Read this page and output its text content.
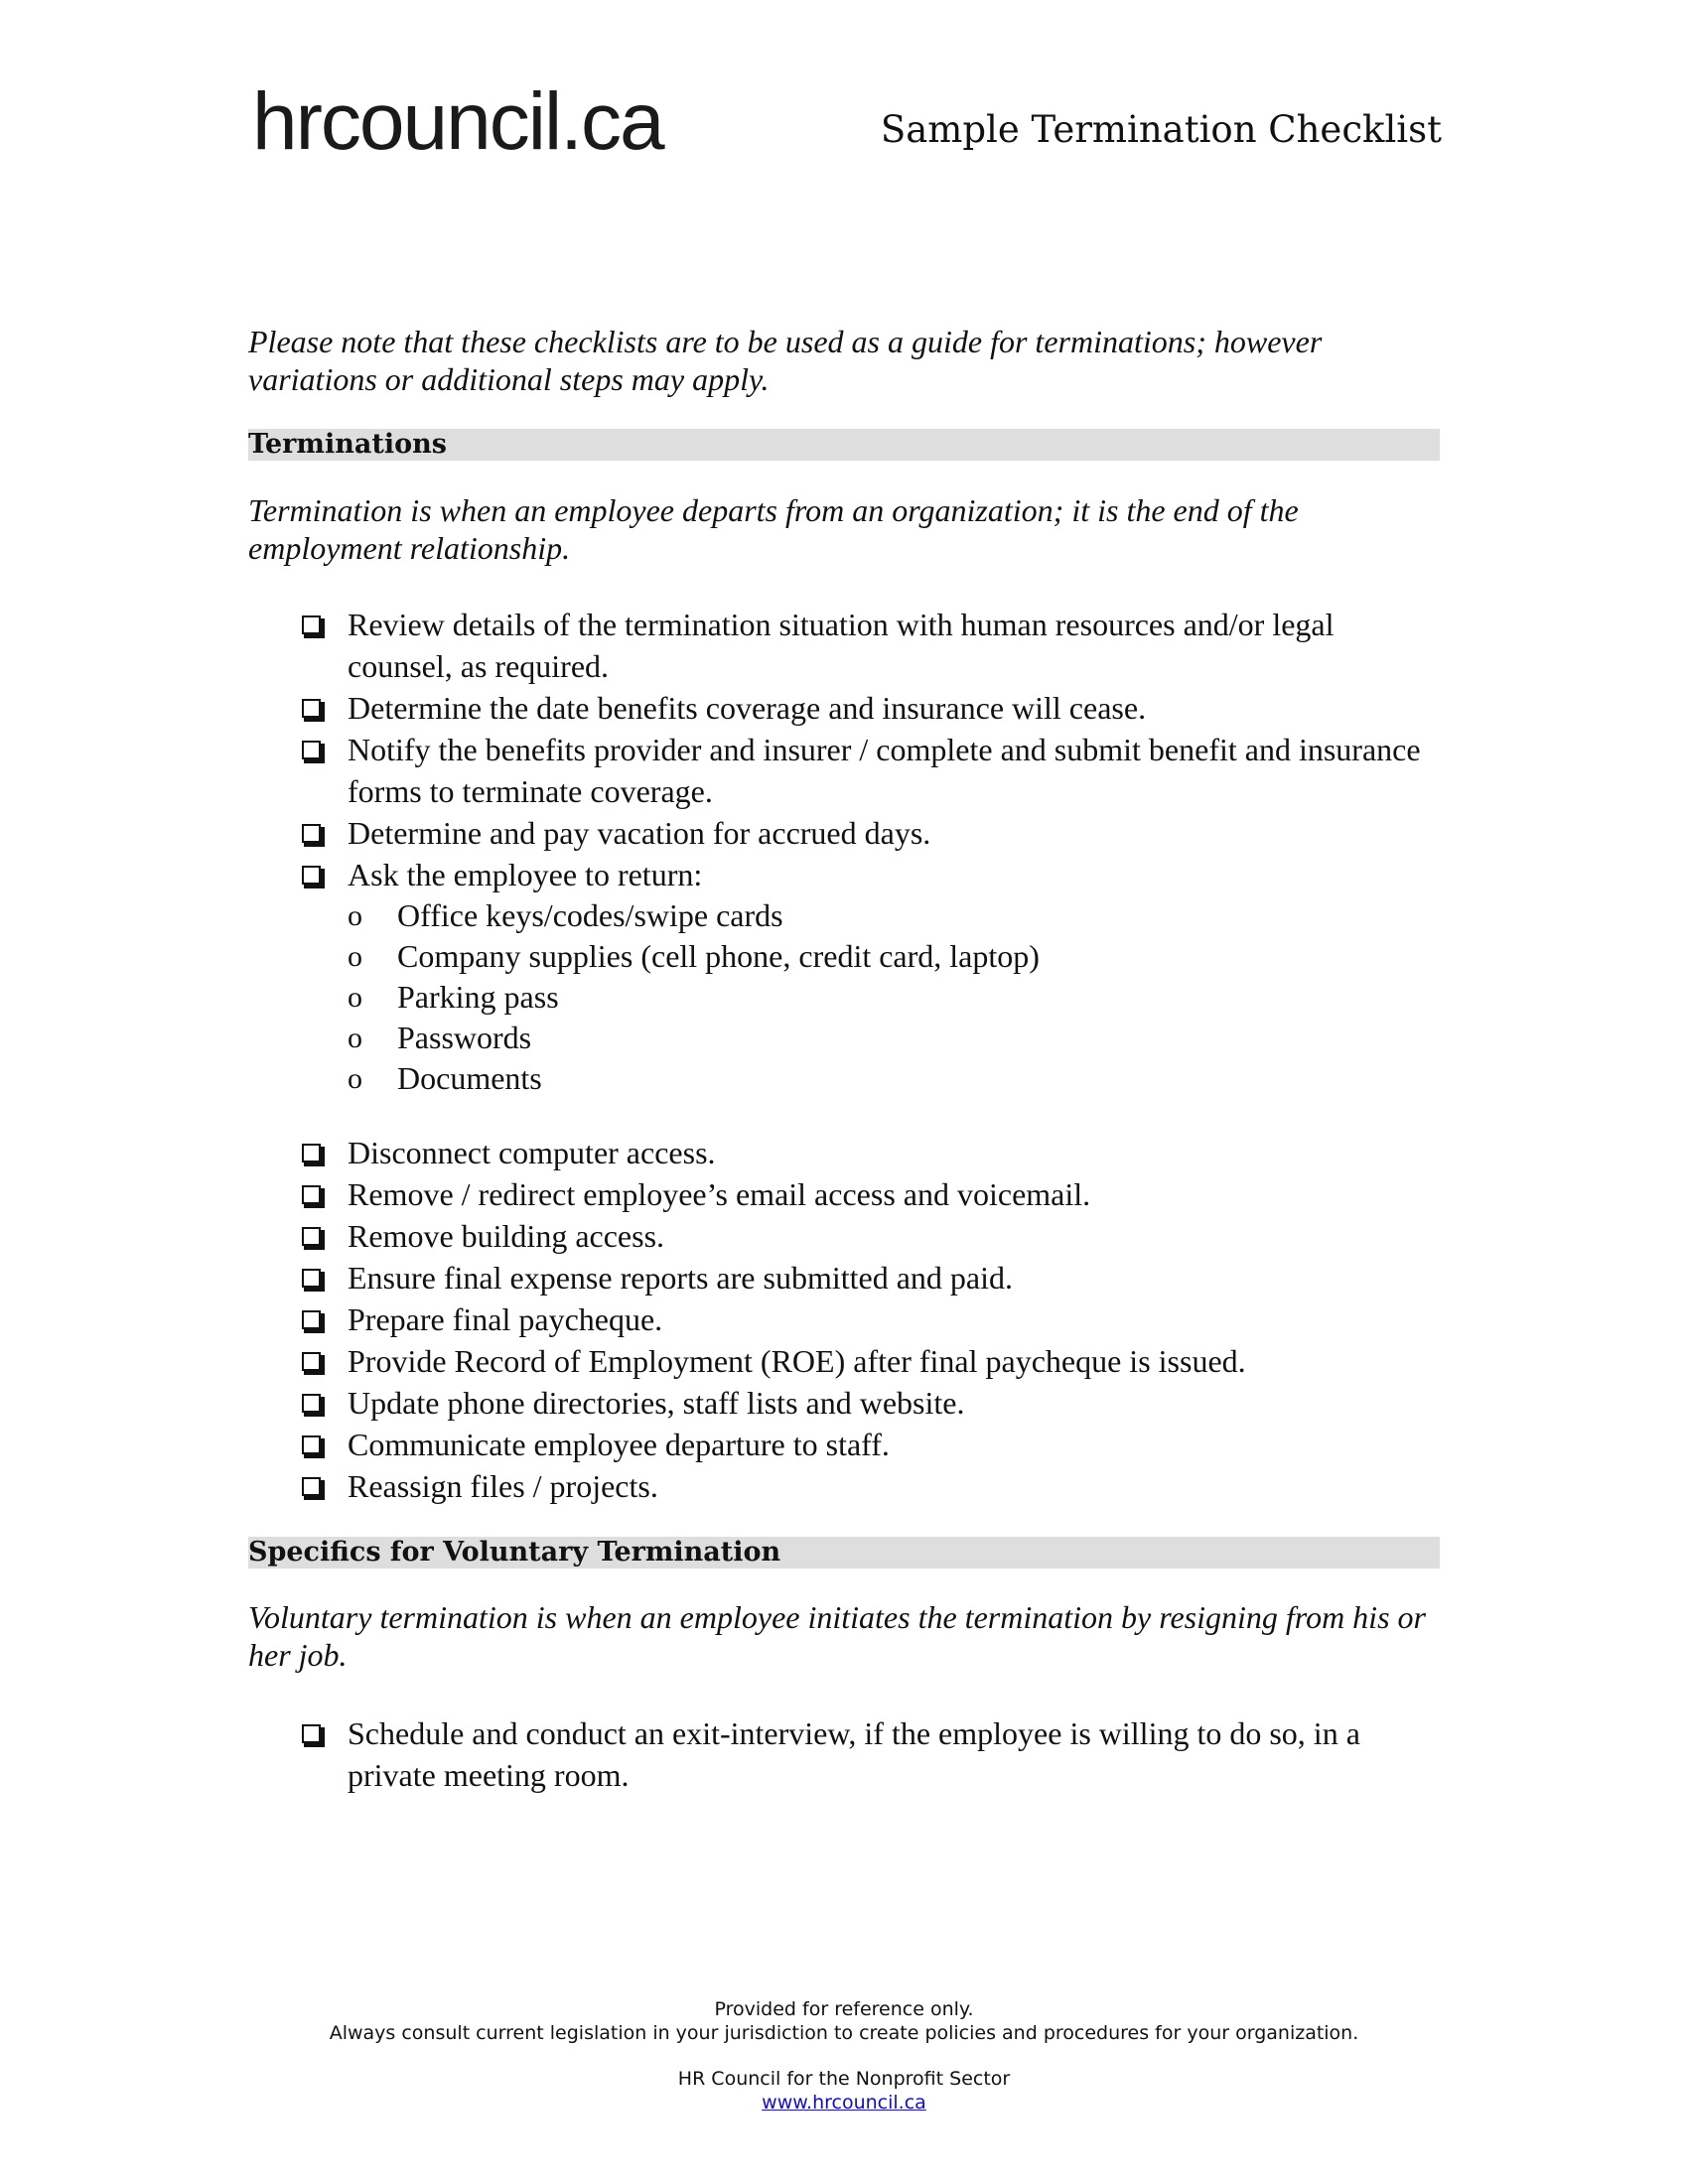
hrcouncil.ca	Sample Termination Checklist

Please note that these checklists are to be used as a guide for terminations; however variations or additional steps may apply.

Terminations

Termination is when an employee departs from an organization; it is the end of the employment relationship.

Review details of the termination situation with human resources and/or legal counsel, as required.
Determine the date benefits coverage and insurance will cease.
Notify the benefits provider and insurer / complete and submit benefit and insurance forms to terminate coverage.
Determine and pay vacation for accrued days.
Ask the employee to return:
o Office keys/codes/swipe cards
o Company supplies (cell phone, credit card, laptop)
o Parking pass
o Passwords
o Documents
Disconnect computer access.
Remove / redirect employee’s email access and voicemail.
Remove building access.
Ensure final expense reports are submitted and paid.
Prepare final paycheque.
Provide Record of Employment (ROE) after final paycheque is issued.
Update phone directories, staff lists and website.
Communicate employee departure to staff.
Reassign files / projects.
Specifics for Voluntary Termination

Voluntary termination is when an employee initiates the termination by resigning from his or her job.

Schedule and conduct an exit-interview, if the employee is willing to do so, in a private meeting room.
Provided for reference only.
Always consult current legislation in your jurisdiction to create policies and procedures for your organization.
HR Council for the Nonprofit Sector
www.hrcouncil.ca
